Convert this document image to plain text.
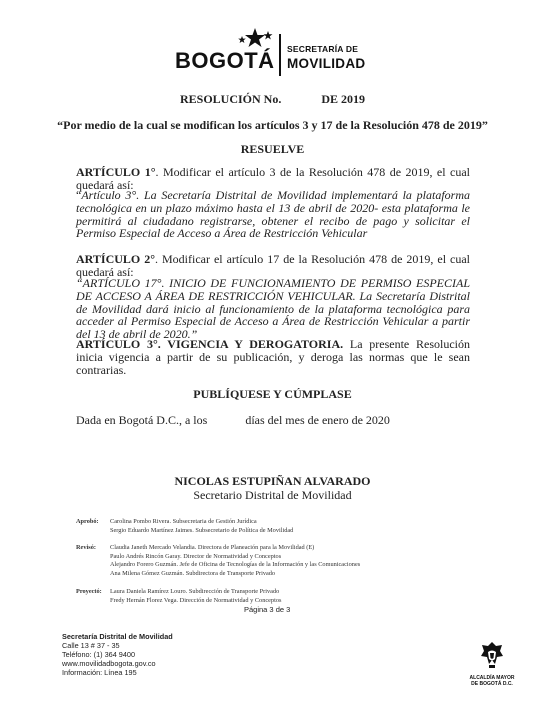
BOGOTÁ SECRETARÍA DE
MOVILIDAD
RESOLUCIÓN No.	DE 2019
“Por medio de la cual se modifican los artículos 3 y 17 de la Resolución 478 de 2019”
RESUELVE
ARTÍCULO 1°. Modificar el artículo 3 de la Resolución 478 de 2019, el cual quedará así:
“Artículo 3°. La Secretaría Distrital de Movilidad implementará la plataforma tecnológica en un plazo máximo hasta el 13 de abril de 2020- esta plataforma le permitirá al ciudadano registrarse, obtener el recibo de pago y solicitar el Permiso Especial de Acceso a Área de Restricción Vehicular
ARTÍCULO 2°. Modificar el artículo 17 de la Resolución 478 de 2019, el cual quedará así:
“ARTÍCULO 17°. INICIO DE FUNCIONAMIENTO DE PERMISO ESPECIAL DE ACCESO A ÁREA DE RESTRICCIÓN VEHICULAR. La Secretaría Distrital de Movilidad dará inicio al funcionamiento de la plataforma tecnológica para acceder al Permiso Especial de Acceso a Área de Restricción Vehicular a partir del 13 de abril de 2020.”
ARTÍCULO 3°. VIGENCIA Y DEROGATORIA. La presente Resolución inicia vigencia a partir de su publicación, y deroga las normas que le sean contrarias.
PUBLÍQUESE Y CÚMPLASE
Dada en Bogotá D.C., a los	días del mes de enero de 2020
NICOLAS ESTUPIÑAN ALVARADO
Secretario Distrital de Movilidad
Aprobó: Carolina Pombo Rivera. Subsecretaria de Gestión Jurídica
Sergio Eduardo Martínez Jaimes. Subsecretario de Política de Movilidad
Revisó: Claudia Janeth Mercado Velandia. Directora de Planeación para la Movilidad (E)
Paulo Andrés Rincón Garay. Director de Normatividad y Conceptos
Alejandro Forero Guzmán. Jefe de Oficina de Tecnologías de la Información y las Comunicaciones
Ana Milena Gómez Guzmán. Subdirectora de Transporte Privado
Proyectó: Laura Daniela Ramírez Louro. Subdirección de Transporte Privado
Fredy Hernán Florez Vega. Dirección de Normatividad y Conceptos
Página 3 de 3
Secretaría Distrital de Movilidad
Calle 13 # 37 - 35
Teléfono: (1) 364 9400
www.movilidadbogota.gov.co
Información: Línea 195
ALCALDÍA MAYOR
DE BOGOTÁ D.C.
